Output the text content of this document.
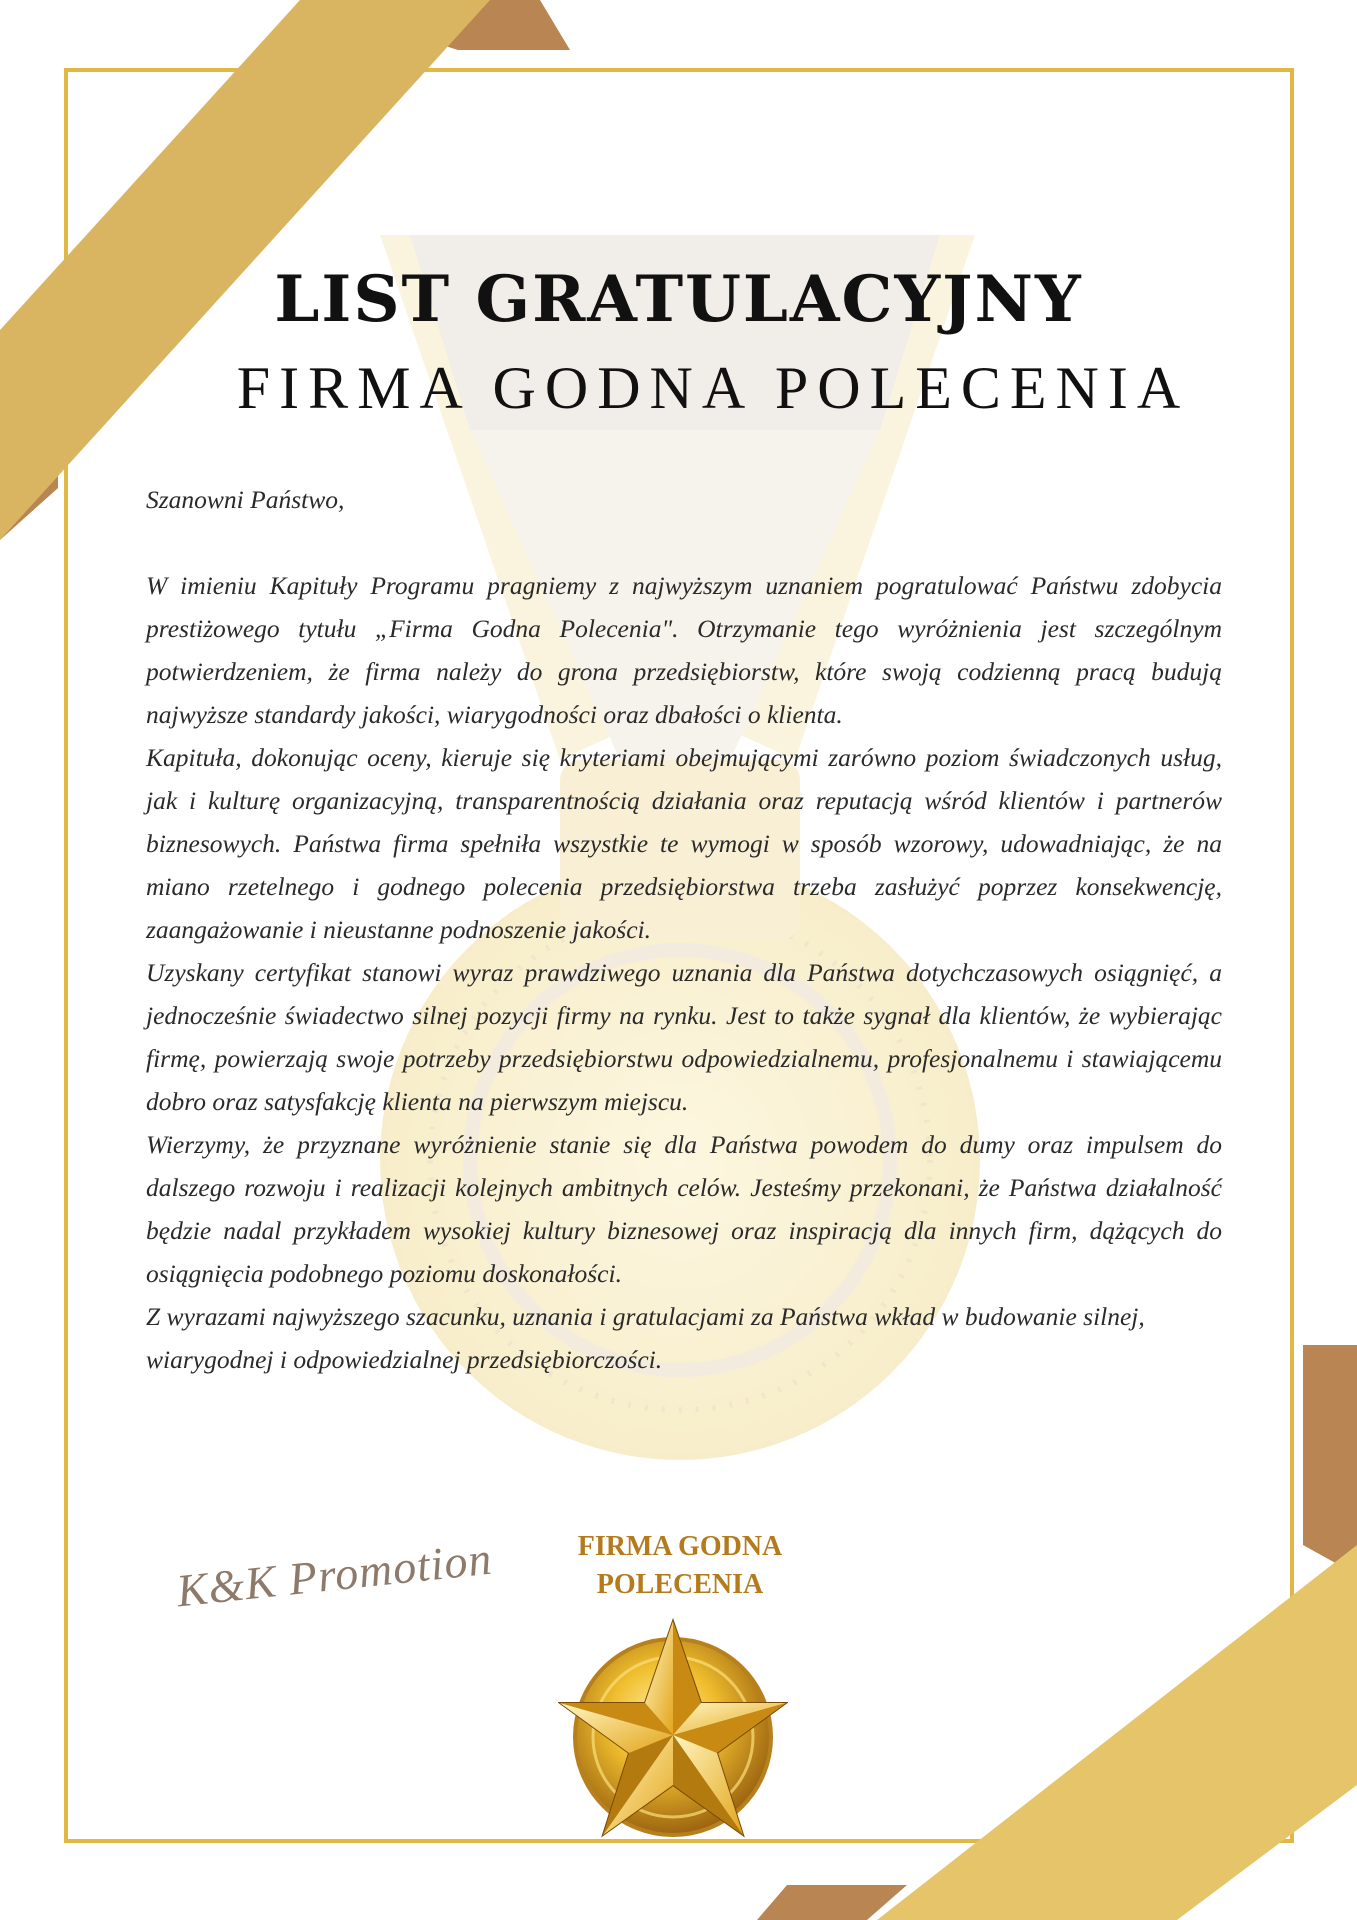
LIST GRATULACYJNY
FIRMA GODNA POLECENIA

Szanowni Państwo,

W imieniu Kapituły Programu pragniemy z najwyższym uznaniem pogratulować Państwu zdobycia prestiżowego tytułu „Firma Godna Polecenia". Otrzymanie tego wyróżnienia jest szczególnym potwierdzeniem, że firma należy do grona przedsiębiorstw, które swoją codzienną pracą budują najwyższe standardy jakości, wiarygodności oraz dbałości o klienta.

Kapituła, dokonując oceny, kieruje się kryteriami obejmującymi zarówno poziom świadczonych usług, jak i kulturę organizacyjną, transparentnością działania oraz reputacją wśród klientów i partnerów biznesowych. Państwa firma spełniła wszystkie te wymogi w sposób wzorowy, udowadniając, że na miano rzetelnego i godnego polecenia przedsiębiorstwa trzeba zasłużyć poprzez konsekwencję, zaangażowanie i nieustanne podnoszenie jakości.

Uzyskany certyfikat stanowi wyraz prawdziwego uznania dla Państwa dotychczasowych osiągnięć, a jednocześnie świadectwo silnej pozycji firmy na rynku. Jest to także sygnał dla klientów, że wybierając firmę, powierzają swoje potrzeby przedsiębiorstwu odpowiedzialnemu, profesjonalnemu i stawiającemu dobro oraz satysfakcję klienta na pierwszym miejscu.

Wierzymy, że przyznane wyróżnienie stanie się dla Państwa powodem do dumy oraz impulsem do dalszego rozwoju i realizacji kolejnych ambitnych celów. Jesteśmy przekonani, że Państwa działalność będzie nadal przykładem wysokiej kultury biznesowej oraz inspiracją dla innych firm, dążących do osiągnięcia podobnego poziomu doskonałości.

Z wyrazami najwyższego szacunku, uznania i gratulacjami za Państwa wkład w budowanie silnej, wiarygodnej i odpowiedzialnej przedsiębiorczości.

K&K Promotion	FIRMA GODNA
POLECENIA
